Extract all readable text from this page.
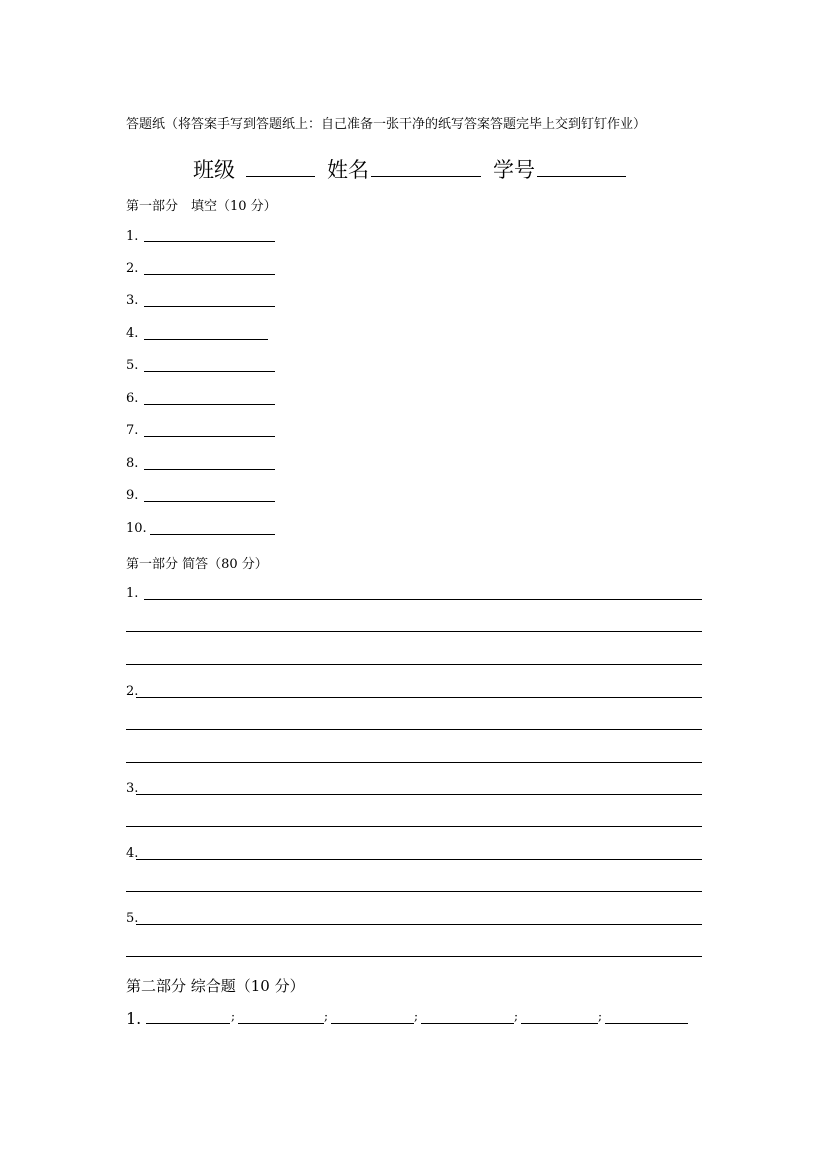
答题纸（将答案手写到答题纸上：自己准备一张干净的纸写答案答题完毕上交到钉钉作业）
班级	姓名	学号
第一部分　填空（10 分）
1.
2.
3.
4.
5.
6.
7.
8.
9.
10.
第一部分 简答（80 分）
1.
2.
3.
4.
5.
第二部分 综合题（10 分）
1.	;	;	;	;	;
